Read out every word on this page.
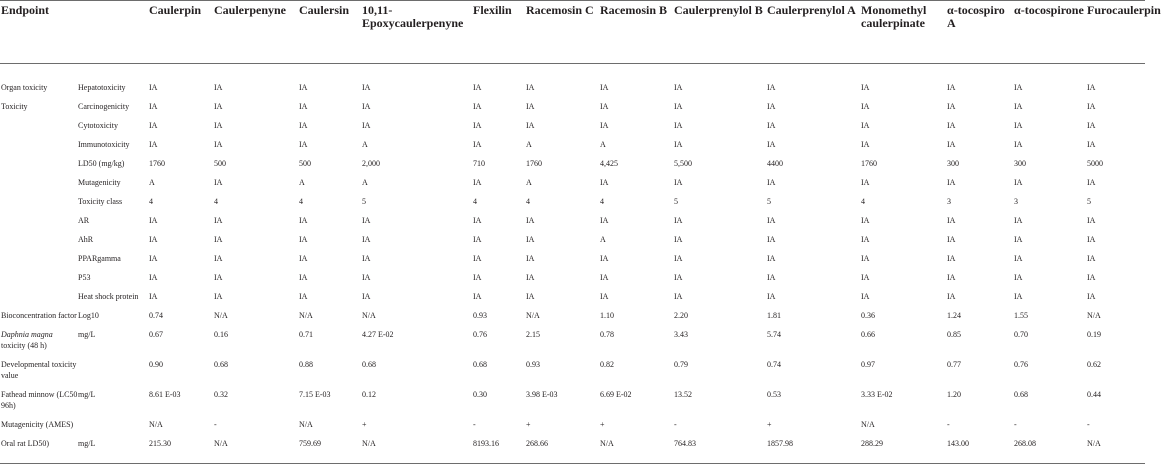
Endpoint		Caulerpin	Caulerpenyne	Caulersin	10,11-Epoxycaulerpenyne	Flexilin	Racemosin C	Racemosin B	Caulerprenylol B	Caulerprenylol A	Monomethyl caulerpinate	α-tocospiro A	α-tocospirone	Furocaulerpin
Organ toxicity	Hepatotoxicity	IA	IA	IA	IA	IA	IA	IA	IA	IA	IA	IA	IA	IA
Toxicity	Carcinogenicity	IA	IA	IA	IA	IA	IA	IA	IA	IA	IA	IA	IA	IA
	Cytotoxicity	IA	IA	IA	IA	IA	IA	IA	IA	IA	IA	IA	IA	IA
	Immunotoxicity	IA	IA	IA	A	IA	A	A	IA	IA	IA	IA	IA	IA
	LD50 (mg/kg)	1760	500	500	2,000	710	1760	4,425	5,500	4400	1760	300	300	5000
	Mutagenicity	A	IA	A	A	IA	A	IA	IA	IA	IA	IA	IA	IA
	Toxicity class	4	4	4	5	4	4	4	5	5	4	3	3	5
	AR	IA	IA	IA	IA	IA	IA	IA	IA	IA	IA	IA	IA	IA
	AhR	IA	IA	IA	IA	IA	IA	A	IA	IA	IA	IA	IA	IA
	PPARgamma	IA	IA	IA	IA	IA	IA	IA	IA	IA	IA	IA	IA	IA
	P53	IA	IA	IA	IA	IA	IA	IA	IA	IA	IA	IA	IA	IA
	Heat shock protein	IA	IA	IA	IA	IA	IA	IA	IA	IA	IA	IA	IA	IA
Bioconcentration factor	Log10	0.74	N/A	N/A	N/A	0.93	N/A	1.10	2.20	1.81	0.36	1.24	1.55	N/A
Daphnia magna toxicity (48 h)	mg/L	0.67	0.16	0.71	4.27 E-02	0.76	2.15	0.78	3.43	5.74	0.66	0.85	0.70	0.19
Developmental toxicity value		0.90	0.68	0.88	0.68	0.68	0.93	0.82	0.79	0.74	0.97	0.77	0.76	0.62
Fathead minnow (LC50 96h)	mg/L	8.61 E-03	0.32	7.15 E-03	0.12	0.30	3.98 E-03	6.69 E-02	13.52	0.53	3.33 E-02	1.20	0.68	0.44
Mutagenicity (AMES)		N/A	-	N/A	+	-	+	+	-	+	N/A	-	-	-
Oral rat LD50)	mg/L	215.30	N/A	759.69	N/A	8193.16	268.66	N/A	764.83	1857.98	288.29	143.00	268.08	N/A
